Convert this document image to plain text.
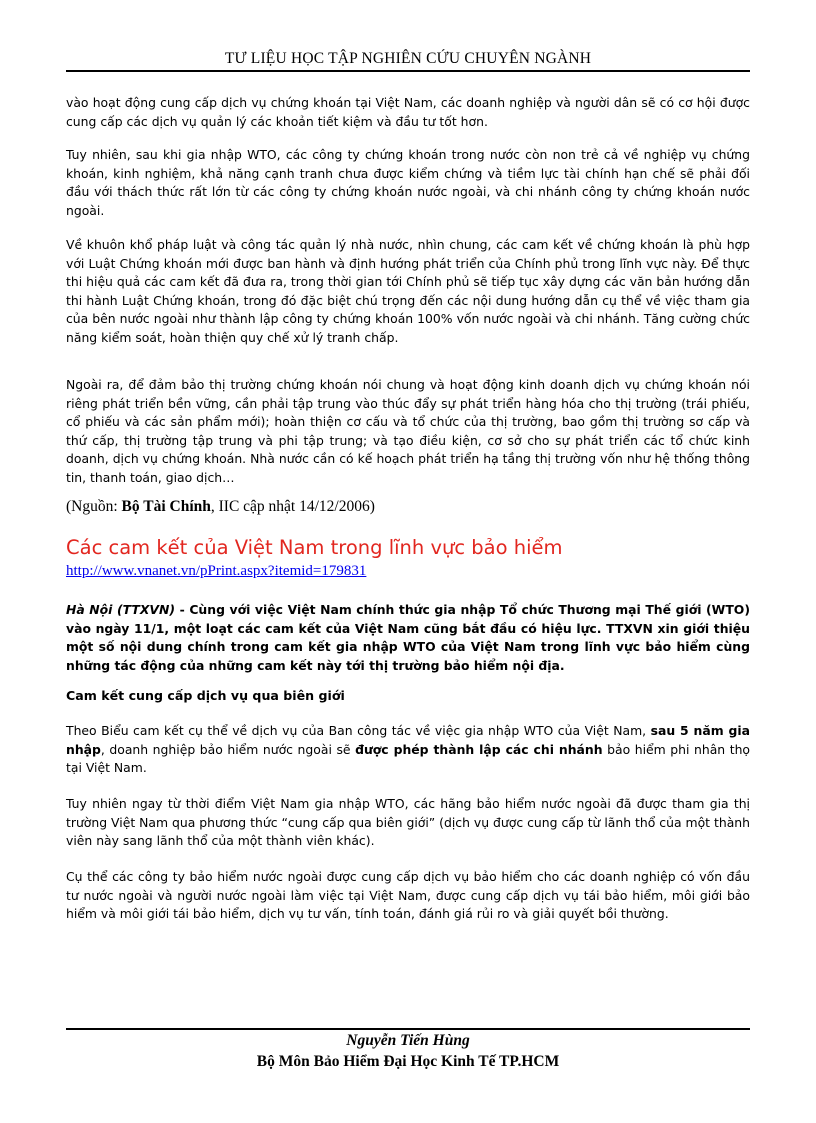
TƯ LIỆU HỌC TẬP NGHIÊN CỨU CHUYÊN NGÀNH

vào hoạt động cung cấp dịch vụ chứng khoán tại Việt Nam, các doanh nghiệp và người dân sẽ có cơ hội được cung cấp các dịch vụ quản lý các khoản tiết kiệm và đầu tư tốt hơn.

Tuy nhiên, sau khi gia nhập WTO, các công ty chứng khoán trong nước còn non trẻ cả về nghiệp vụ chứng khoán, kinh nghiệm, khả năng cạnh tranh chưa được kiểm chứng và tiềm lực tài chính hạn chế sẽ phải đối đầu với thách thức rất lớn từ các công ty chứng khoán nước ngoài, và chi nhánh công ty chứng khoán nước ngoài.

Về khuôn khổ pháp luật và công tác quản lý nhà nước, nhìn chung, các cam kết về chứng khoán là phù hợp với Luật Chứng khoán mới được ban hành và định hướng phát triển của Chính phủ trong lĩnh vực này. Để thực thi hiệu quả các cam kết đã đưa ra, trong thời gian tới Chính phủ sẽ tiếp tục xây dựng các văn bản hướng dẫn thi hành Luật Chứng khoán, trong đó đặc biệt chú trọng đến các nội dung hướng dẫn cụ thể về việc tham gia của bên nước ngoài như thành lập công ty chứng khoán 100% vốn nước ngoài và chi nhánh. Tăng cường chức năng kiểm soát, hoàn thiện quy chế xử lý tranh chấp.

Ngoài ra, để đảm bảo thị trường chứng khoán nói chung và hoạt động kinh doanh dịch vụ chứng khoán nói riêng phát triển bền vững, cần phải tập trung vào thúc đẩy sự phát triển hàng hóa cho thị trường (trái phiếu, cổ phiếu và các sản phẩm mới); hoàn thiện cơ cấu và tổ chức của thị trường, bao gồm thị trường sơ cấp và thứ cấp, thị trường tập trung và phi tập trung; và tạo điều kiện, cơ sở cho sự phát triển các tổ chức kinh doanh, dịch vụ chứng khoán. Nhà nước cần có kế hoạch phát triển hạ tầng thị trường vốn như hệ thống thông tin, thanh toán, giao dịch…

(Nguồn: Bộ Tài Chính, IIC cập nhật 14/12/2006)
Các cam kết của Việt Nam trong lĩnh vực bảo hiểm
http://www.vnanet.vn/pPrint.aspx?itemid=179831

Hà Nội (TTXVN) - Cùng với việc Việt Nam chính thức gia nhập Tổ chức Thương mại Thế giới (WTO) vào ngày 11/1, một loạt các cam kết của Việt Nam cũng bắt đầu có hiệu lực. TTXVN xin giới thiệu một số nội dung chính trong cam kết gia nhập WTO của Việt Nam trong lĩnh vực bảo hiểm cùng những tác động của những cam kết này tới thị trường bảo hiểm nội địa.

Cam kết cung cấp dịch vụ qua biên giới

Theo Biểu cam kết cụ thể về dịch vụ của Ban công tác về việc gia nhập WTO của Việt Nam, sau 5 năm gia nhập, doanh nghiệp bảo hiểm nước ngoài sẽ được phép thành lập các chi nhánh bảo hiểm phi nhân thọ tại Việt Nam.

Tuy nhiên ngay từ thời điểm Việt Nam gia nhập WTO, các hãng bảo hiểm nước ngoài đã được tham gia thị trường Việt Nam qua phương thức “cung cấp qua biên giới” (dịch vụ được cung cấp từ lãnh thổ của một thành viên này sang lãnh thổ của một thành viên khác).

Cụ thể các công ty bảo hiểm nước ngoài được cung cấp dịch vụ bảo hiểm cho các doanh nghiệp có vốn đầu tư nước ngoài và người nước ngoài làm việc tại Việt Nam, được cung cấp dịch vụ tái bảo hiểm, môi giới bảo hiểm và môi giới tái bảo hiểm, dịch vụ tư vấn, tính toán, đánh giá rủi ro và giải quyết bồi thường.

Nguyễn Tiến Hùng
Bộ Môn Bảo Hiểm Đại Học Kinh Tế TP.HCM
